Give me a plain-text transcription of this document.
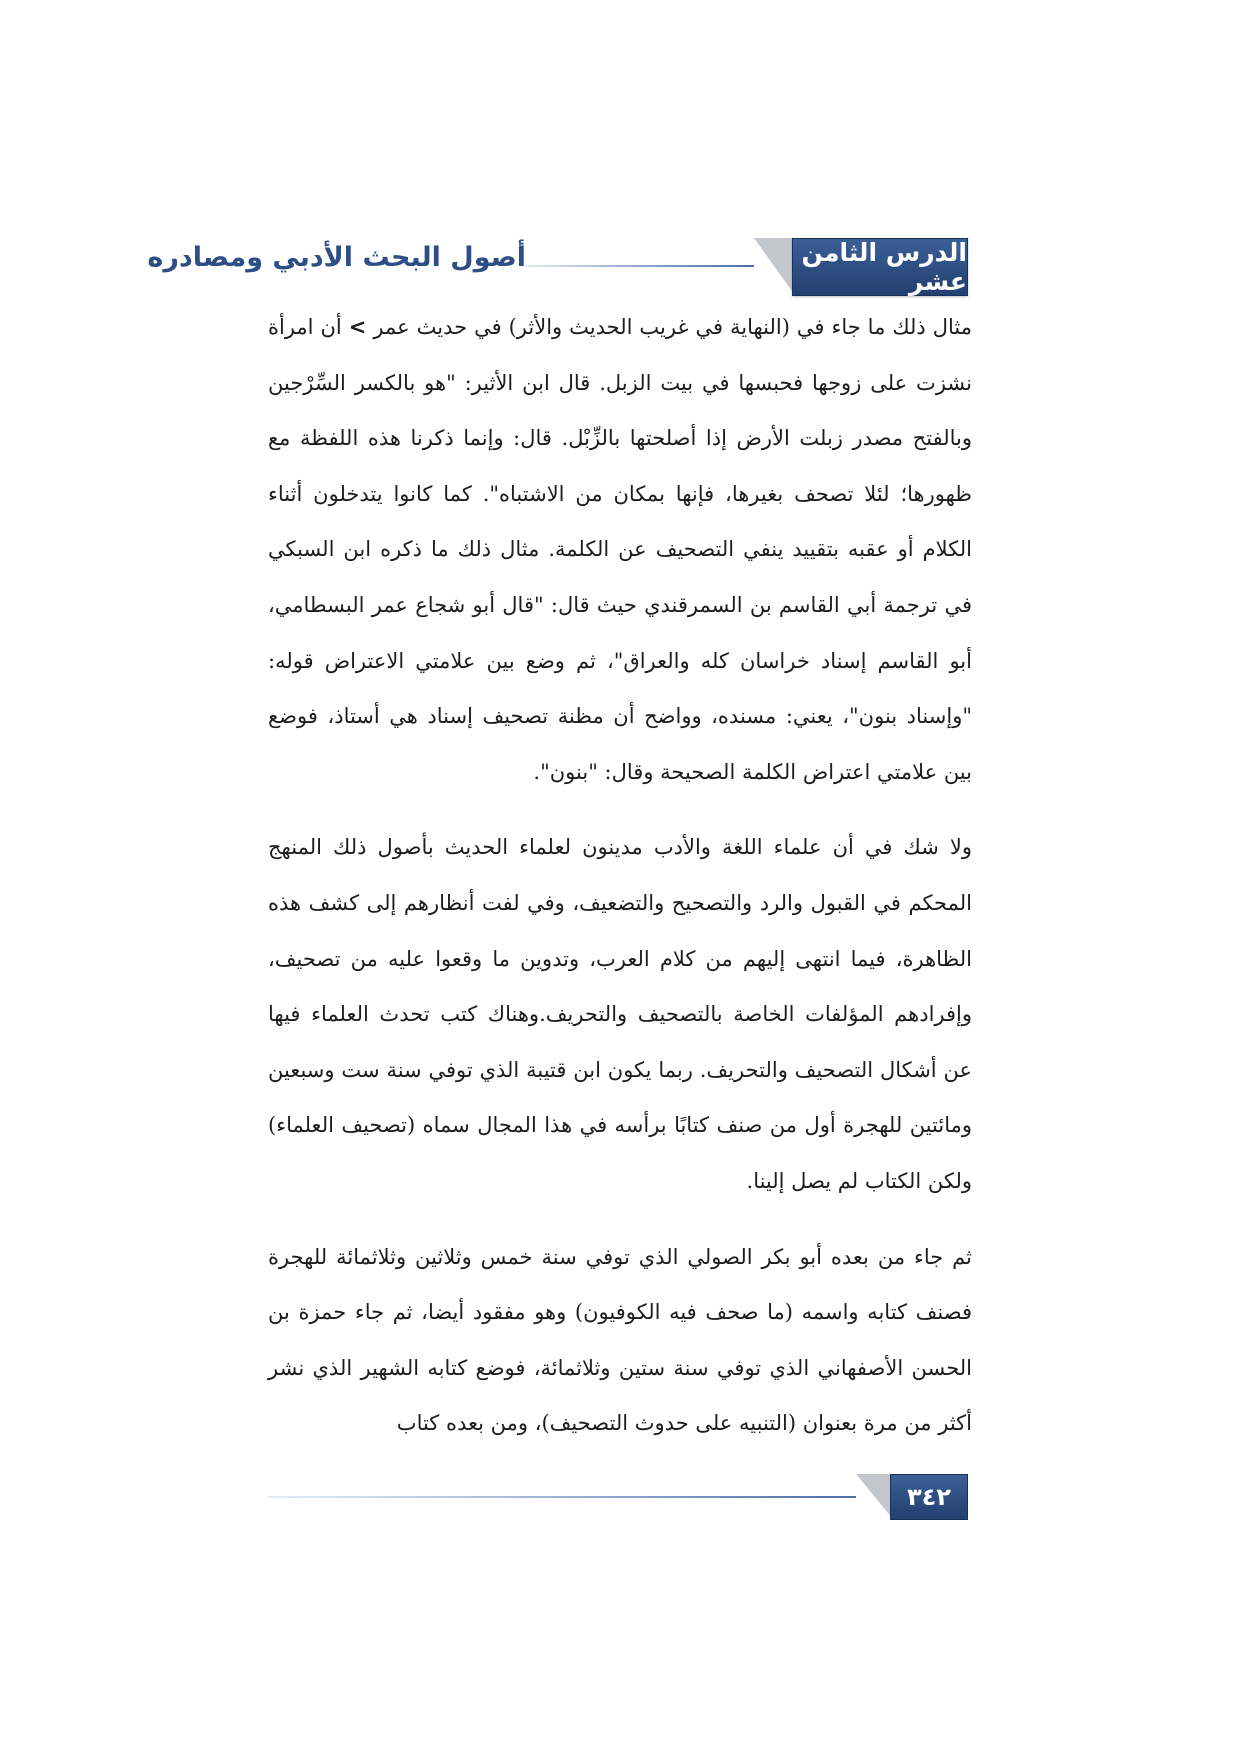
أصول البحث الأدبي ومصادره	الدرس الثامن عشر

مثال ذلك ما جاء في (النهاية في غريب الحديث والأثر) في حديث عمر > أن امرأة نشزت على زوجها فحبسها في بيت الزبل. قال ابن الأثير: "هو بالكسر السِّرْجين وبالفتح مصدر زبلت الأرض إذا أصلحتها بالزِّبْل. قال: وإنما ذكرنا هذه اللفظة مع ظهورها؛ لئلا تصحف بغيرها، فإنها بمكان من الاشتباه". كما كانوا يتدخلون أثناء الكلام أو عقبه بتقييد ينفي التصحيف عن الكلمة. مثال ذلك ما ذكره ابن السبكي في ترجمة أبي القاسم بن السمرقندي حيث قال: "قال أبو شجاع عمر البسطامي، أبو القاسم إسناد خراسان كله والعراق"، ثم وضع بين علامتي الاعتراض قوله: "وإسناد بنون"، يعني: مسنده، وواضح أن مظنة تصحيف إسناد هي أستاذ، فوضع بين علامتي اعتراض الكلمة الصحيحة وقال: "بنون".

ولا شك في أن علماء اللغة والأدب مدينون لعلماء الحديث بأصول ذلك المنهج المحكم في القبول والرد والتصحيح والتضعيف، وفي لفت أنظارهم إلى كشف هذه الظاهرة، فيما انتهى إليهم من كلام العرب، وتدوين ما وقعوا عليه من تصحيف، وإفرادهم المؤلفات الخاصة بالتصحيف والتحريف.وهناك كتب تحدث العلماء فيها عن أشكال التصحيف والتحريف. ربما يكون ابن قتيبة الذي توفي سنة ست وسبعين ومائتين للهجرة أول من صنف كتابًا برأسه في هذا المجال سماه (تصحيف العلماء) ولكن الكتاب لم يصل إلينا.

ثم جاء من بعده أبو بكر الصولي الذي توفي سنة خمس وثلاثين وثلاثمائة للهجرة فصنف كتابه واسمه (ما صحف فيه الكوفيون) وهو مفقود أيضا، ثم جاء حمزة بن الحسن الأصفهاني الذي توفي سنة ستين وثلاثمائة، فوضع كتابه الشهير الذي نشر أكثر من مرة بعنوان (التنبيه على حدوث التصحيف)، ومن بعده كتاب

٣٤٢
